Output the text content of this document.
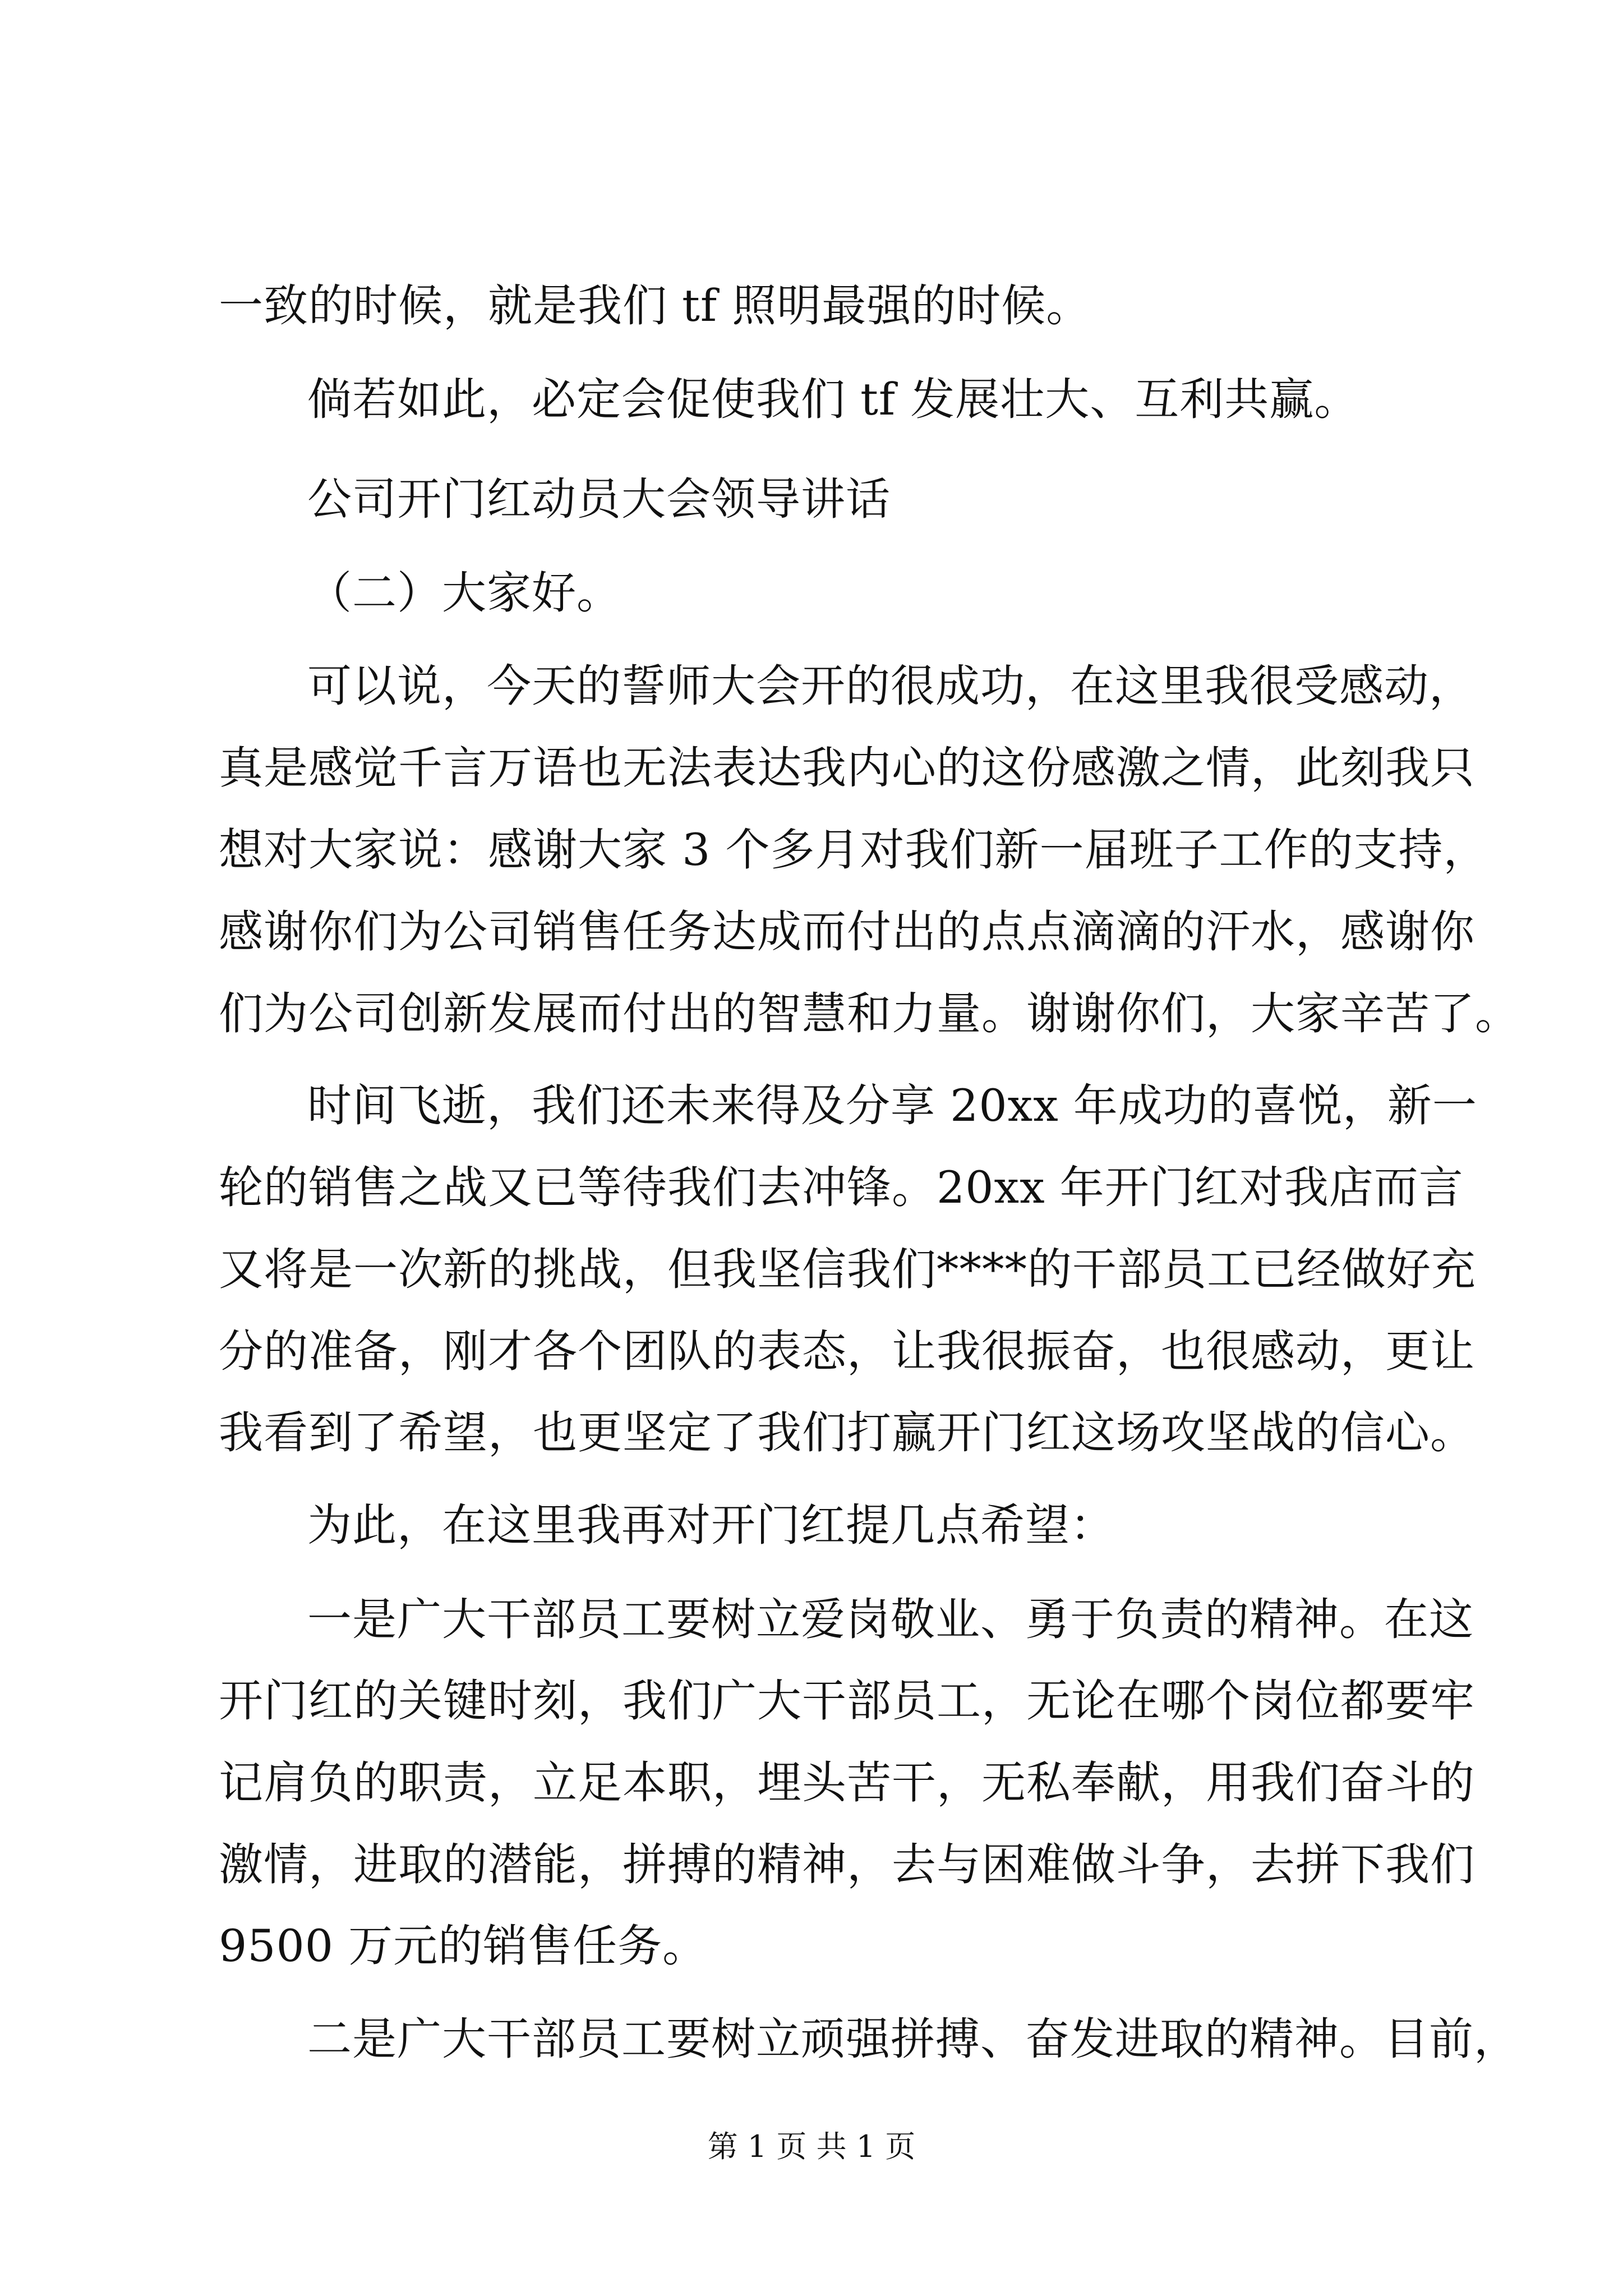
一致的时候，就是我们 tf 照明最强的时候。
倘若如此，必定会促使我们 tf 发展壮大、互利共赢。
公司开门红动员大会领导讲话
（二）大家好。
可以说，今天的誓师大会开的很成功，在这里我很受感动，
真是感觉千言万语也无法表达我内心的这份感激之情，此刻我只
想对大家说：感谢大家 3 个多月对我们新一届班子工作的支持，
感谢你们为公司销售任务达成而付出的点点滴滴的汗水，感谢你
们为公司创新发展而付出的智慧和力量。谢谢你们，大家辛苦了。
时间飞逝，我们还未来得及分享 20xx 年成功的喜悦，新一
轮的销售之战又已等待我们去冲锋。20xx 年开门红对我店而言
又将是一次新的挑战，但我坚信我们****的干部员工已经做好充
分的准备，刚才各个团队的表态，让我很振奋，也很感动，更让
我看到了希望，也更坚定了我们打赢开门红这场攻坚战的信心。
为此，在这里我再对开门红提几点希望：
一是广大干部员工要树立爱岗敬业、勇于负责的精神。在这
开门红的关键时刻，我们广大干部员工，无论在哪个岗位都要牢
记肩负的职责，立足本职，埋头苦干，无私奉献，用我们奋斗的
激情，进取的潜能，拼搏的精神，去与困难做斗争，去拼下我们
9500 万元的销售任务。
二是广大干部员工要树立顽强拼搏、奋发进取的精神。目前，
第 1 页 共 1 页
